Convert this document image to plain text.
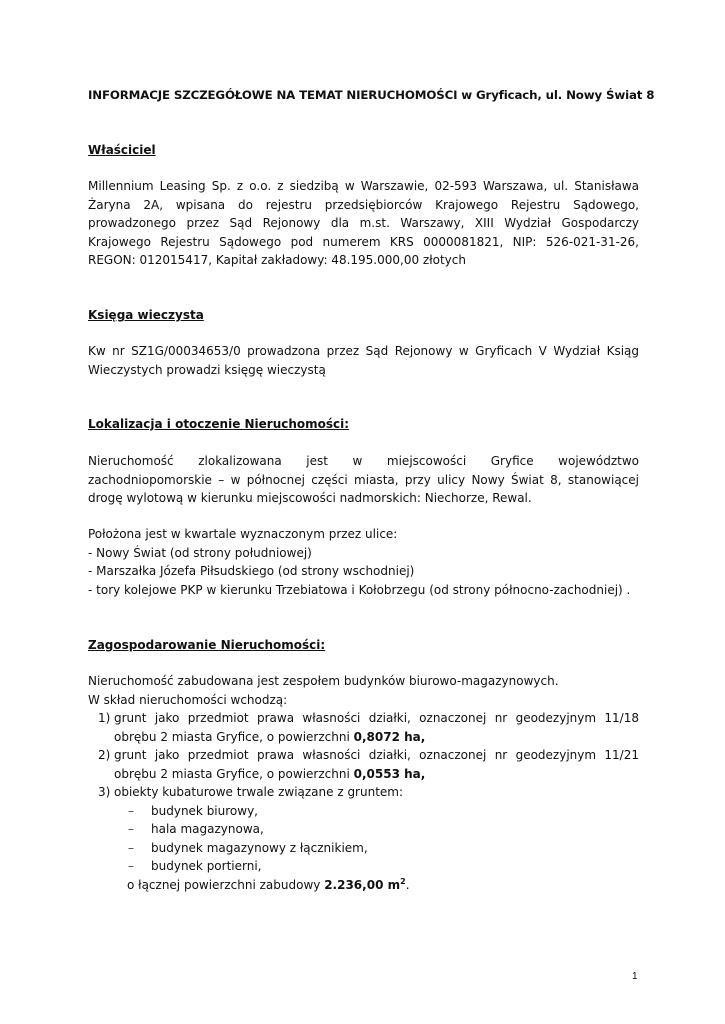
INFORMACJE SZCZEGÓŁOWE NA TEMAT NIERUCHOMOŚCI w Gryficach, ul. Nowy Świat 8
Właściciel
Millennium Leasing Sp. z o.o. z siedzibą w Warszawie, 02-593 Warszawa, ul. Stanisława Żaryna 2A, wpisana do rejestru przedsiębiorców Krajowego Rejestru Sądowego, prowadzonego przez Sąd Rejonowy dla m.st. Warszawy, XIII Wydział Gospodarczy Krajowego Rejestru Sądowego pod numerem KRS 0000081821, NIP: 526-021-31-26, REGON: 012015417, Kapitał zakładowy: 48.195.000,00 złotych
Księga wieczysta
Kw nr SZ1G/00034653/0 prowadzona przez Sąd Rejonowy w Gryficach V Wydział Ksiąg Wieczystych prowadzi księgę wieczystą
Lokalizacja i otoczenie Nieruchomości:
Nieruchomość zlokalizowana jest w miejscowości Gryfice województwo zachodniopomorskie – w północnej części miasta, przy ulicy Nowy Świat 8, stanowiącej drogę wylotową w kierunku miejscowości nadmorskich: Niechorze, Rewal.

Położona jest w kwartale wyznaczonym przez ulice:

- Nowy Świat (od strony południowej)

- Marszałka Józefa Piłsudskiego (od strony wschodniej)

- tory kolejowe PKP w kierunku Trzebiatowa i Kołobrzegu (od strony północno-zachodniej) .

Zagospodarowanie Nieruchomości:

Nieruchomość zabudowana jest zespołem budynków biurowo-magazynowych.

W skład nieruchomości wchodzą:

1) grunt jako przedmiot prawa własności działki, oznaczonej nr geodezyjnym 11/18 obrębu 2 miasta Gryfice, o powierzchni 0,8072 ha,
2) grunt jako przedmiot prawa własności działki, oznaczonej nr geodezyjnym 11/21 obrębu 2 miasta Gryfice, o powierzchni 0,0553 ha,
3) obiekty kubaturowe trwale związane z gruntem:
– budynek biurowy,
– hala magazynowa,
– budynek magazynowy z łącznikiem,
– budynek portierni,

o łącznej powierzchni zabudowy 2.236,00 $m^2$.

1
